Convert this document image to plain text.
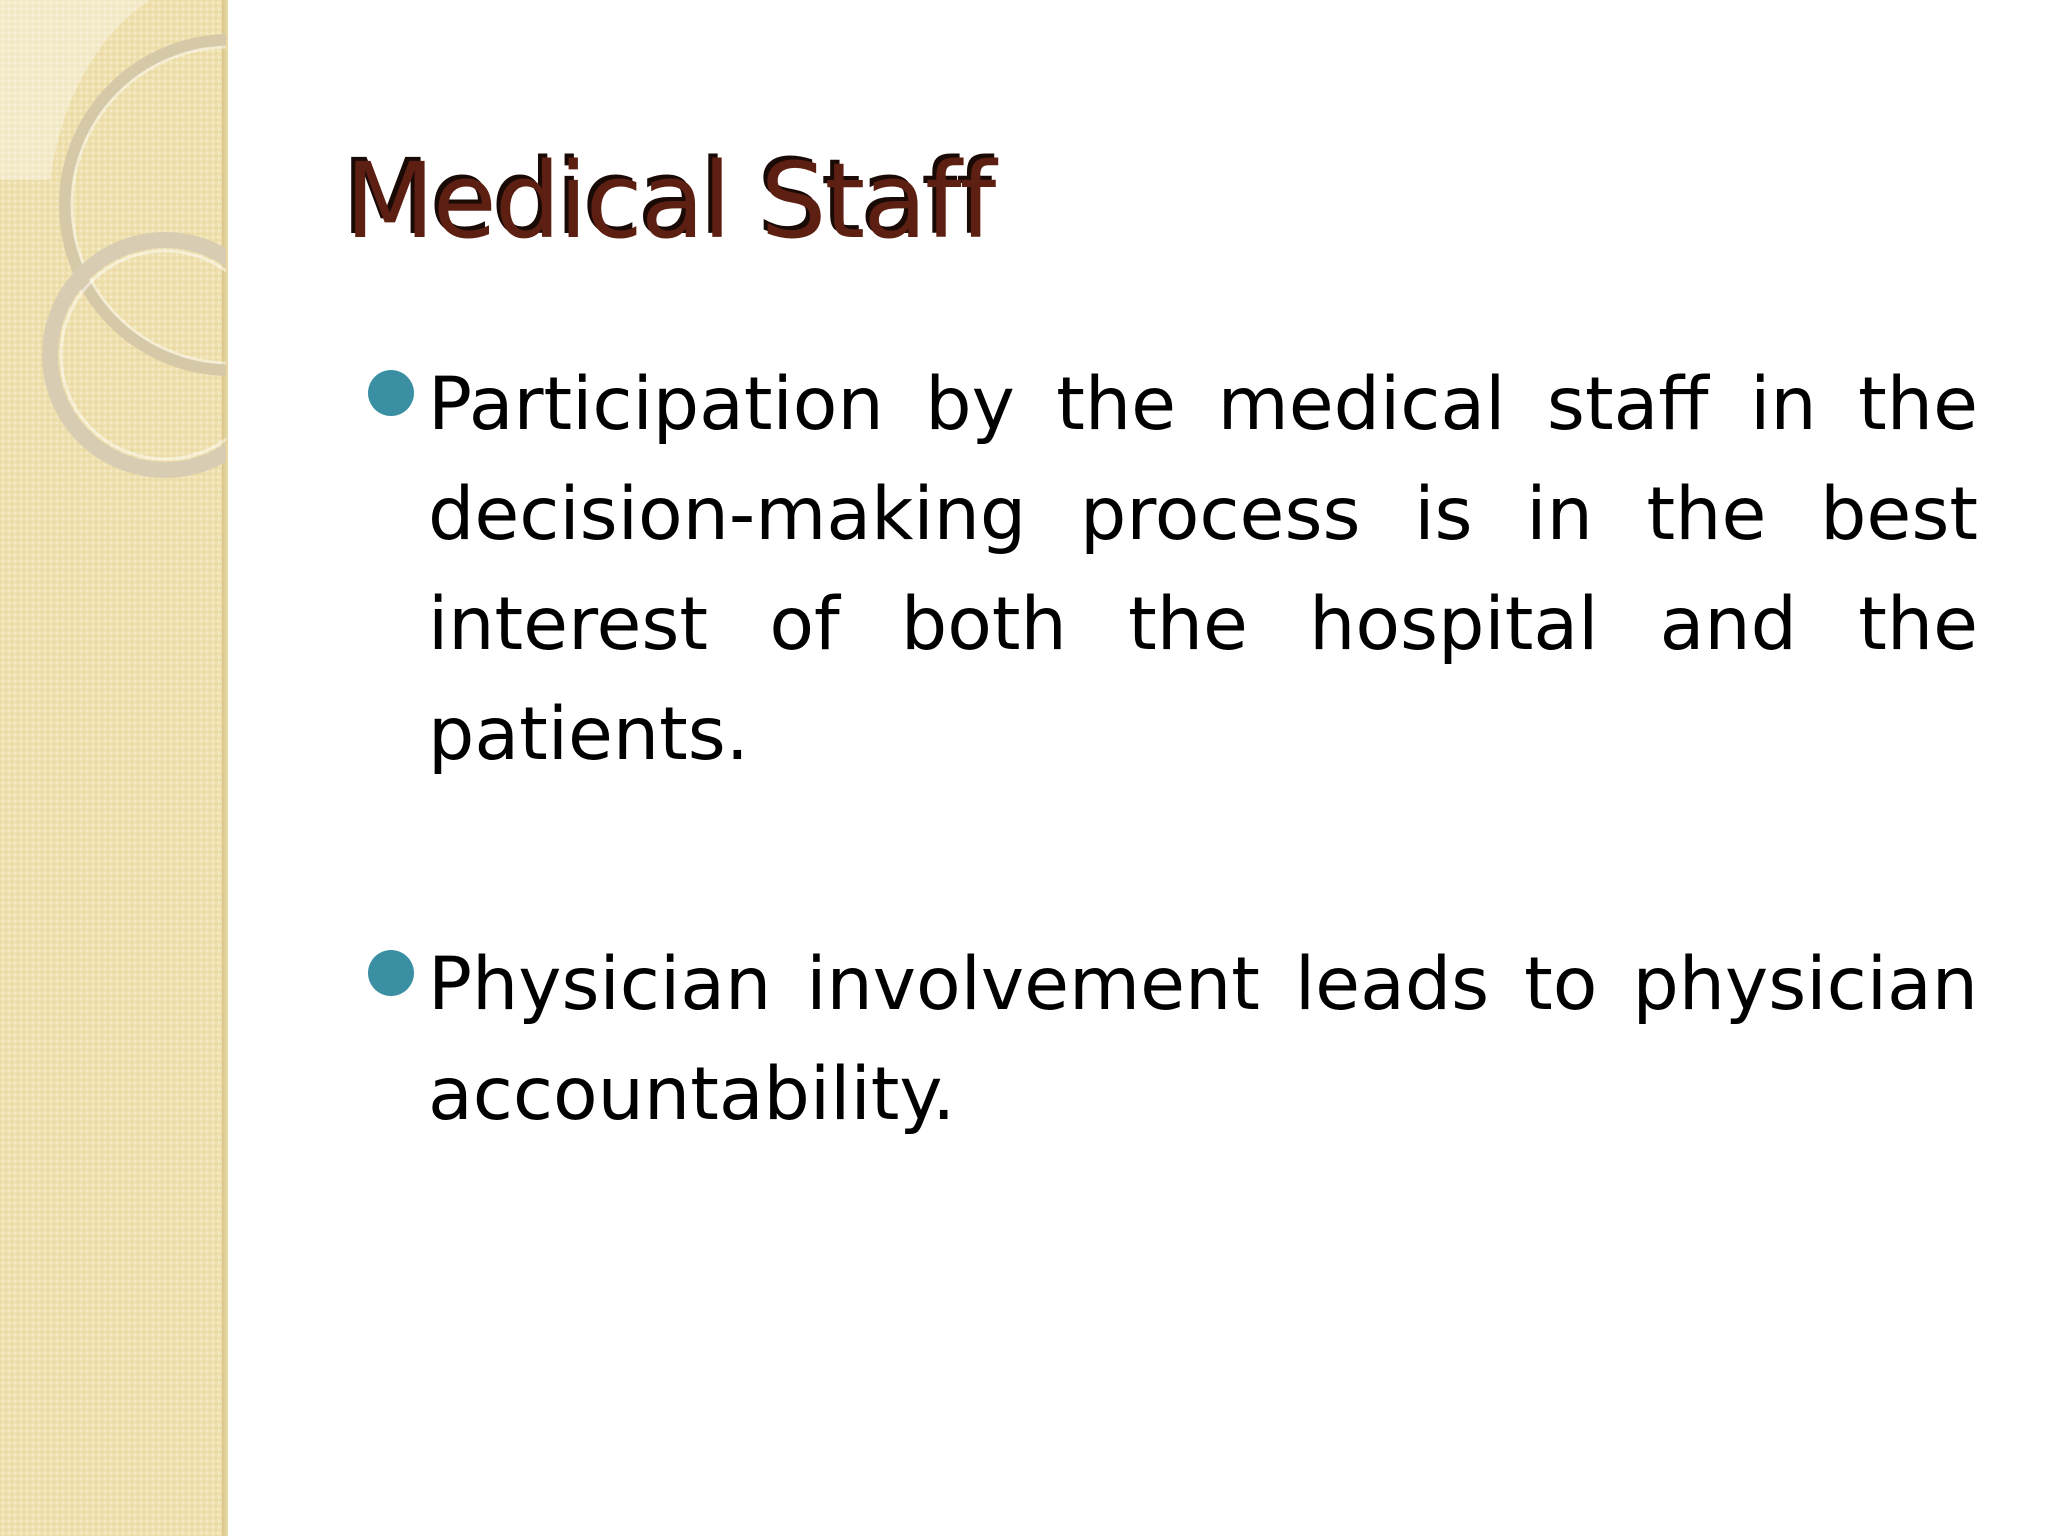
Medical Staff
Participation by the medical staff in the decision-making process is in the best interest of both the hospital and the patients.
Physician involvement leads to physician accountability.
